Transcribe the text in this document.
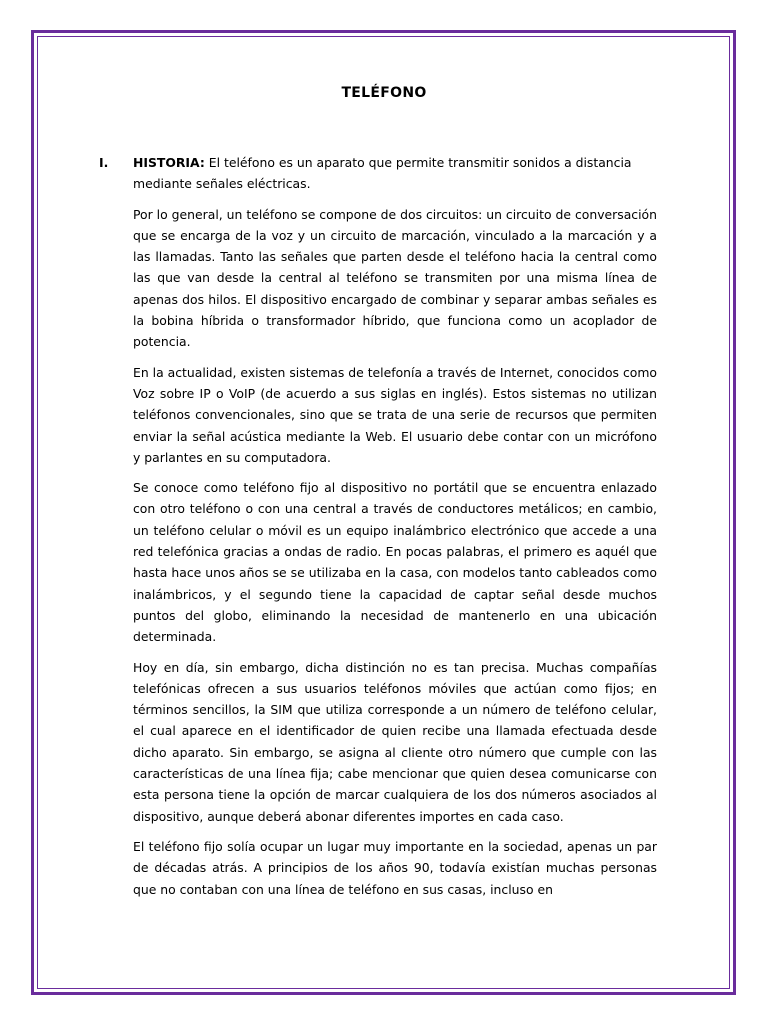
TELÉFONO
I. HISTORIA: El teléfono es un aparato que permite transmitir sonidos a distancia mediante señales eléctricas.

Por lo general, un teléfono se compone de dos circuitos: un circuito de conversación que se encarga de la voz y un circuito de marcación, vinculado a la marcación y a las llamadas. Tanto las señales que parten desde el teléfono hacia la central como las que van desde la central al teléfono se transmiten por una misma línea de apenas dos hilos. El dispositivo encargado de combinar y separar ambas señales es la bobina híbrida o transformador híbrido, que funciona como un acoplador de potencia.

En la actualidad, existen sistemas de telefonía a través de Internet, conocidos como Voz sobre IP o VoIP (de acuerdo a sus siglas en inglés). Estos sistemas no utilizan teléfonos convencionales, sino que se trata de una serie de recursos que permiten enviar la señal acústica mediante la Web. El usuario debe contar con un micrófono y parlantes en su computadora.

Se conoce como teléfono fijo al dispositivo no portátil que se encuentra enlazado con otro teléfono o con una central a través de conductores metálicos; en cambio, un teléfono celular o móvil es un equipo inalámbrico electrónico que accede a una red telefónica gracias a ondas de radio. En pocas palabras, el primero es aquél que hasta hace unos años se se utilizaba en la casa, con modelos tanto cableados como inalámbricos, y el segundo tiene la capacidad de captar señal desde muchos puntos del globo, eliminando la necesidad de mantenerlo en una ubicación determinada.

Hoy en día, sin embargo, dicha distinción no es tan precisa. Muchas compañías telefónicas ofrecen a sus usuarios teléfonos móviles que actúan como fijos; en términos sencillos, la SIM que utiliza corresponde a un número de teléfono celular, el cual aparece en el identificador de quien recibe una llamada efectuada desde dicho aparato. Sin embargo, se asigna al cliente otro número que cumple con las características de una línea fija; cabe mencionar que quien desea comunicarse con esta persona tiene la opción de marcar cualquiera de los dos números asociados al dispositivo, aunque deberá abonar diferentes importes en cada caso.

El teléfono fijo solía ocupar un lugar muy importante en la sociedad, apenas un par de décadas atrás. A principios de los años 90, todavía existían muchas personas que no contaban con una línea de teléfono en sus casas, incluso en
